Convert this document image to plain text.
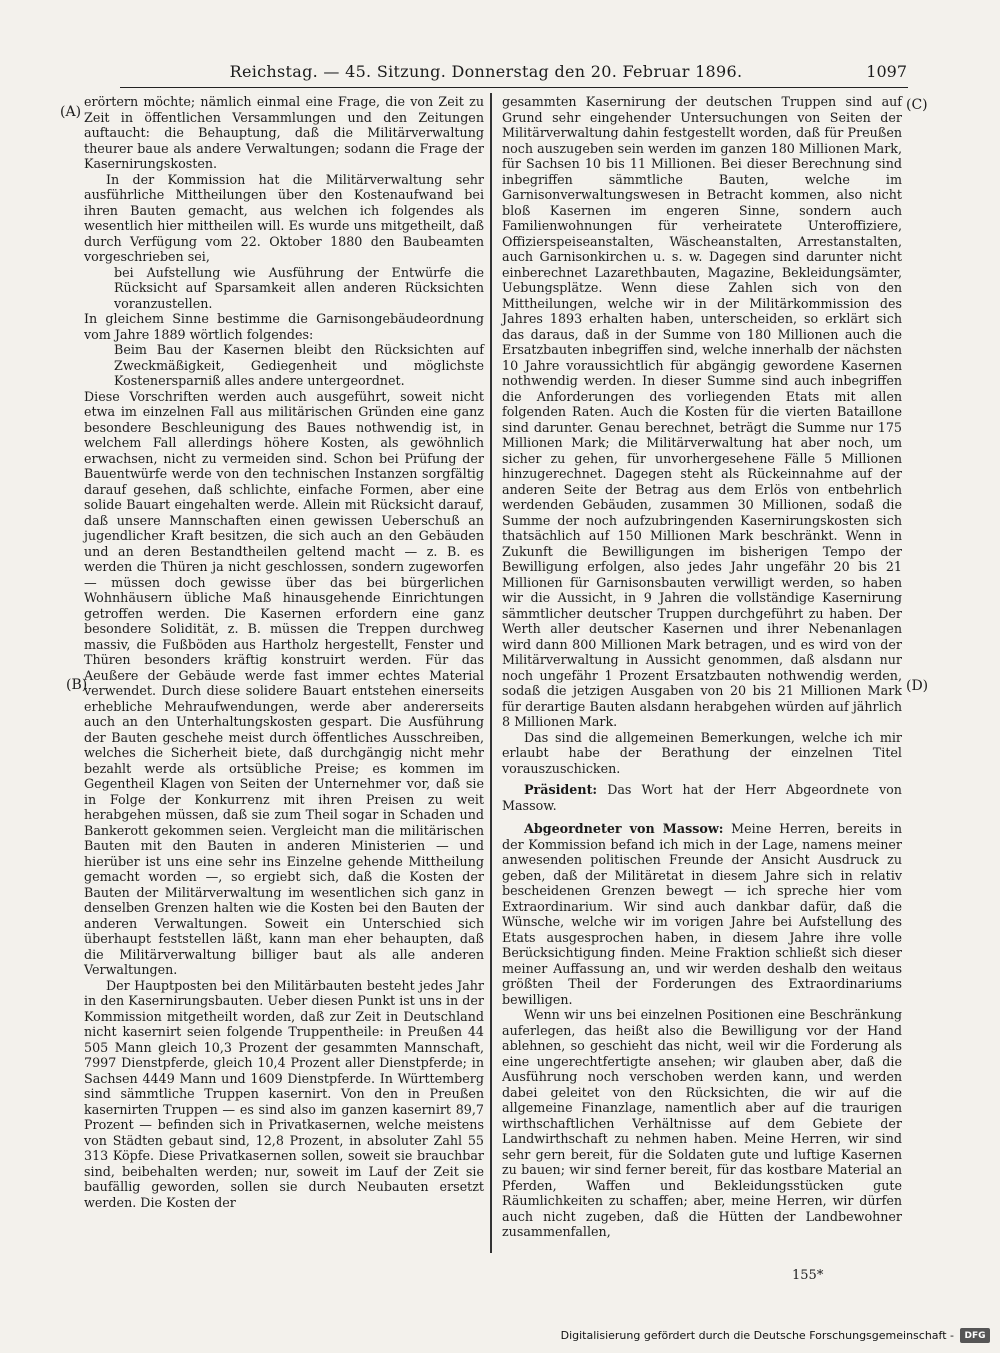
Reichstag. — 45. Sitzung. Donnerstag den 20. Februar 1896.	1097
(A)
(B)
(C)
(D)

erörtern möchte; nämlich einmal eine Frage, die von Zeit zu Zeit in öffentlichen Versammlungen und den Zeitungen auftaucht: die Behauptung, daß die Militärverwaltung theurer baue als andere Verwaltungen; sodann die Frage der Kasernirungskosten.

In der Kommission hat die Militärverwaltung sehr ausführliche Mittheilungen über den Kostenaufwand bei ihren Bauten gemacht, aus welchen ich folgendes als wesentlich hier mittheilen will. Es wurde uns mitgetheilt, daß durch Verfügung vom 22. Oktober 1880 den Baubeamten vorgeschrieben sei,

bei Aufstellung wie Ausführung der Entwürfe die Rücksicht auf Sparsamkeit allen anderen Rücksichten voranzustellen.

In gleichem Sinne bestimme die Garnisongebäudeordnung vom Jahre 1889 wörtlich folgendes:

Beim Bau der Kasernen bleibt den Rücksichten auf Zweckmäßigkeit, Gediegenheit und möglichste Kostenersparniß alles andere untergeordnet.

Diese Vorschriften werden auch ausgeführt, soweit nicht etwa im einzelnen Fall aus militärischen Gründen eine ganz besondere Beschleunigung des Baues nothwendig ist, in welchem Fall allerdings höhere Kosten, als gewöhnlich erwachsen, nicht zu vermeiden sind. Schon bei Prüfung der Bauentwürfe werde von den technischen Instanzen sorgfältig darauf gesehen, daß schlichte, einfache Formen, aber eine solide Bauart eingehalten werde. Allein mit Rücksicht darauf, daß unsere Mannschaften einen gewissen Ueberschuß an jugendlicher Kraft besitzen, die sich auch an den Gebäuden und an deren Bestandtheilen geltend macht — z. B. es werden die Thüren ja nicht geschlossen, sondern zugeworfen — müssen doch gewisse über das bei bürgerlichen Wohnhäusern übliche Maß hinausgehende Einrichtungen getroffen werden. Die Kasernen erfordern eine ganz besondere Solidität, z. B. müssen die Treppen durchweg massiv, die Fußböden aus Hartholz hergestellt, Fenster und Thüren besonders kräftig konstruirt werden. Für das Aeußere der Gebäude werde fast immer echtes Material verwendet. Durch diese solidere Bauart entstehen einerseits erhebliche Mehraufwendungen, werde aber andererseits auch an den Unterhaltungskosten gespart. Die Ausführung der Bauten geschehe meist durch öffentliches Ausschreiben, welches die Sicherheit biete, daß durchgängig nicht mehr bezahlt werde als ortsübliche Preise; es kommen im Gegentheil Klagen von Seiten der Unternehmer vor, daß sie in Folge der Konkurrenz mit ihren Preisen zu weit herabgehen müssen, daß sie zum Theil sogar in Schaden und Bankerott gekommen seien. Vergleicht man die militärischen Bauten mit den Bauten in anderen Ministerien — und hierüber ist uns eine sehr ins Einzelne gehende Mittheilung gemacht worden —, so ergiebt sich, daß die Kosten der Bauten der Militärverwaltung im wesentlichen sich ganz in denselben Grenzen halten wie die Kosten bei den Bauten der anderen Verwaltungen. Soweit ein Unterschied sich überhaupt feststellen läßt, kann man eher behaupten, daß die Militärverwaltung billiger baut als alle anderen Verwaltungen.

Der Hauptposten bei den Militärbauten besteht jedes Jahr in den Kasernirungsbauten. Ueber diesen Punkt ist uns in der Kommission mitgetheilt worden, daß zur Zeit in Deutschland nicht kasernirt seien folgende Truppentheile: in Preußen 44 505 Mann gleich 10,3 Prozent der gesammten Mannschaft, 7997 Dienstpferde, gleich 10,4 Prozent aller Dienstpferde; in Sachsen 4449 Mann und 1609 Dienstpferde. In Württemberg sind sämmtliche Truppen kasernirt. Von den in Preußen kasernirten Truppen — es sind also im ganzen kasernirt 89,7 Prozent — befinden sich in Privatkasernen, welche meistens von Städten gebaut sind, 12,8 Prozent, in absoluter Zahl 55 313 Köpfe. Diese Privatkasernen sollen, soweit sie brauchbar sind, beibehalten werden; nur, soweit im Lauf der Zeit sie baufällig geworden, sollen sie durch Neubauten ersetzt werden. Die Kosten der

gesammten Kasernirung der deutschen Truppen sind auf Grund sehr eingehender Untersuchungen von Seiten der Militärverwaltung dahin festgestellt worden, daß für Preußen noch auszugeben sein werden im ganzen 180 Millionen Mark, für Sachsen 10 bis 11 Millionen. Bei dieser Berechnung sind inbegriffen sämmtliche Bauten, welche im Garnisonverwaltungswesen in Betracht kommen, also nicht bloß Kasernen im engeren Sinne, sondern auch Familienwohnungen für verheiratete Unteroffiziere, Offizierspeiseanstalten, Wäscheanstalten, Arrestanstalten, auch Garnisonkirchen u. s. w. Dagegen sind darunter nicht einberechnet Lazarethbauten, Magazine, Bekleidungsämter, Uebungsplätze. Wenn diese Zahlen sich von den Mittheilungen, welche wir in der Militärkommission des Jahres 1893 erhalten haben, unterscheiden, so erklärt sich das daraus, daß in der Summe von 180 Millionen auch die Ersatzbauten inbegriffen sind, welche innerhalb der nächsten 10 Jahre voraussichtlich für abgängig gewordene Kasernen nothwendig werden. In dieser Summe sind auch inbegriffen die Anforderungen des vorliegenden Etats mit allen folgenden Raten. Auch die Kosten für die vierten Bataillone sind darunter. Genau berechnet, beträgt die Summe nur 175 Millionen Mark; die Militärverwaltung hat aber noch, um sicher zu gehen, für unvorhergesehene Fälle 5 Millionen hinzugerechnet. Dagegen steht als Rückeinnahme auf der anderen Seite der Betrag aus dem Erlös von entbehrlich werdenden Gebäuden, zusammen 30 Millionen, sodaß die Summe der noch aufzubringenden Kasernirungskosten sich thatsächlich auf 150 Millionen Mark beschränkt. Wenn in Zukunft die Bewilligungen im bisherigen Tempo der Bewilligung erfolgen, also jedes Jahr ungefähr 20 bis 21 Millionen für Garnisonsbauten verwilligt werden, so haben wir die Aussicht, in 9 Jahren die vollständige Kasernirung sämmtlicher deutscher Truppen durchgeführt zu haben. Der Werth aller deutscher Kasernen und ihrer Nebenanlagen wird dann 800 Millionen Mark betragen, und es wird von der Militärverwaltung in Aussicht genommen, daß alsdann nur noch ungefähr 1 Prozent Ersatzbauten nothwendig werden, sodaß die jetzigen Ausgaben von 20 bis 21 Millionen Mark für derartige Bauten alsdann herabgehen würden auf jährlich 8 Millionen Mark.

Das sind die allgemeinen Bemerkungen, welche ich mir erlaubt habe der Berathung der einzelnen Titel vorauszuschicken.

Präsident: Das Wort hat der Herr Abgeordnete von Massow.

Abgeordneter von Massow: Meine Herren, bereits in der Kommission befand ich mich in der Lage, namens meiner anwesenden politischen Freunde der Ansicht Ausdruck zu geben, daß der Militäretat in diesem Jahre sich in relativ bescheidenen Grenzen bewegt — ich spreche hier vom Extraordinarium. Wir sind auch dankbar dafür, daß die Wünsche, welche wir im vorigen Jahre bei Aufstellung des Etats ausgesprochen haben, in diesem Jahre ihre volle Berücksichtigung finden. Meine Fraktion schließt sich dieser meiner Auffassung an, und wir werden deshalb den weitaus größten Theil der Forderungen des Extraordinariums bewilligen.

Wenn wir uns bei einzelnen Positionen eine Beschränkung auferlegen, das heißt also die Bewilligung vor der Hand ablehnen, so geschieht das nicht, weil wir die Forderung als eine ungerechtfertigte ansehen; wir glauben aber, daß die Ausführung noch verschoben werden kann, und werden dabei geleitet von den Rücksichten, die wir auf die allgemeine Finanzlage, namentlich aber auf die traurigen wirthschaftlichen Verhältnisse auf dem Gebiete der Landwirthschaft zu nehmen haben. Meine Herren, wir sind sehr gern bereit, für die Soldaten gute und luftige Kasernen zu bauen; wir sind ferner bereit, für das kostbare Material an Pferden, Waffen und Bekleidungsstücken gute Räumlichkeiten zu schaffen; aber, meine Herren, wir dürfen auch nicht zugeben, daß die Hütten der Landbewohner zusammenfallen,

155*
Digitalisierung gefördert durch die Deutsche Forschungsgemeinschaft -	DFG
